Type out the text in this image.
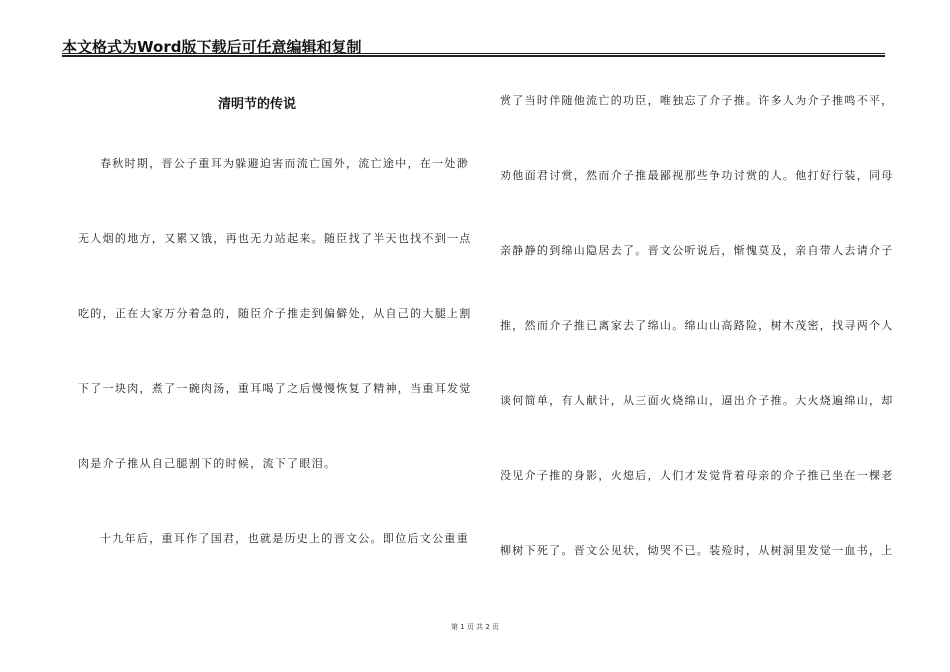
本文格式为Word版下载后可任意编辑和复制
清明节的传说
春秋时期，晋公子重耳为躲避迫害而流亡国外，流亡途中，在一处渺
无人烟的地方，又累又饿，再也无力站起来。随臣找了半天也找不到一点
吃的，正在大家万分着急的，随臣介子推走到偏僻处，从自己的大腿上割
下了一块肉，煮了一碗肉汤，重耳喝了之后慢慢恢复了精神，当重耳发觉
肉是介子推从自己腿割下的时候，流下了眼泪。
十九年后，重耳作了国君，也就是历史上的晋文公。即位后文公重重
赏了当时伴随他流亡的功臣，唯独忘了介子推。许多人为介子推鸣不平，
劝他面君讨赏，然而介子推最鄙视那些争功讨赏的人。他打好行装，同母
亲静静的到绵山隐居去了。晋文公听说后，惭愧莫及，亲自带人去请介子
推，然而介子推已离家去了绵山。绵山山高路险，树木茂密，找寻两个人
谈何简单，有人献计，从三面火烧绵山，逼出介子推。大火烧遍绵山，却
没见介子推的身影，火熄后，人们才发觉背着母亲的介子推已坐在一棵老
柳树下死了。晋文公见状，恸哭不已。装殓时，从树洞里发觉一血书，上
第 1 页 共 2 页
